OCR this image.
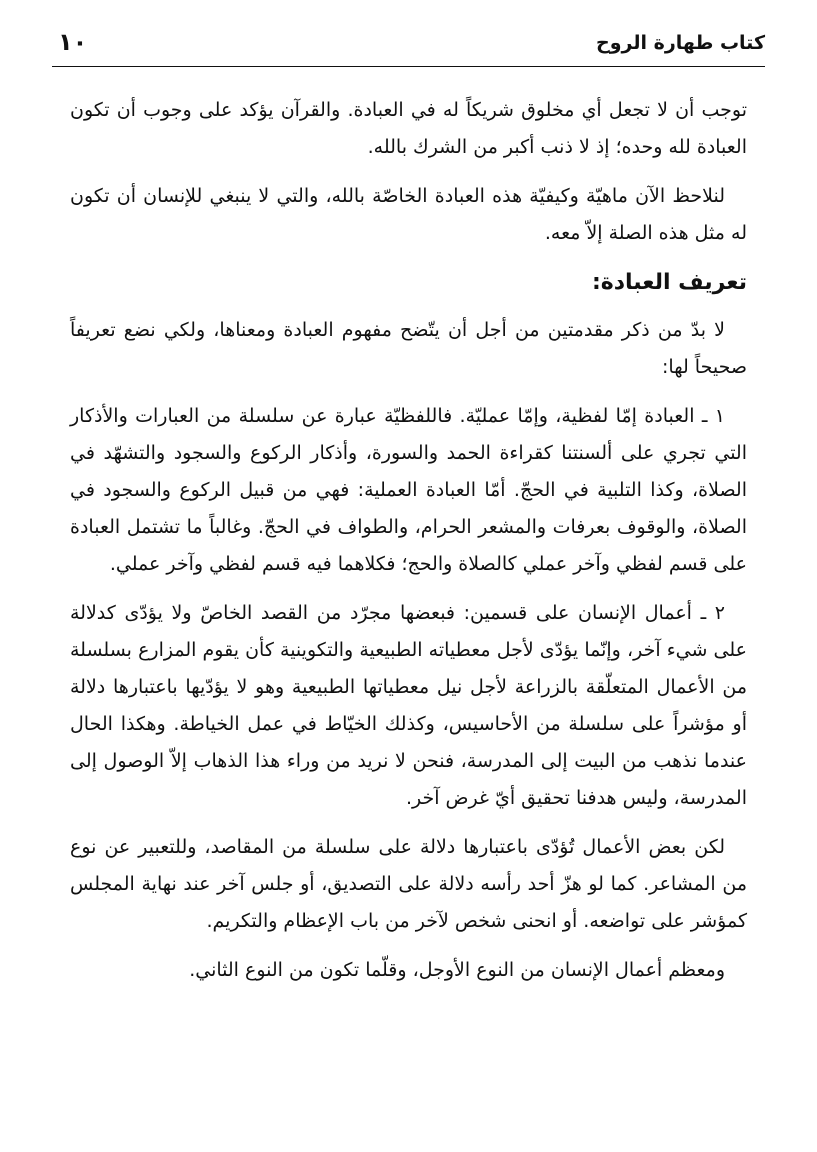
كتاب طهارة الروح
١٠

توجب أن لا تجعل أي مخلوق شريكاً له في العبادة. والقرآن يؤكد على وجوب أن تكون العبادة لله وحده؛ إذ لا ذنب أكبر من الشرك بالله.

لنلاحظ الآن ماهيّة وكيفيّة هذه العبادة الخاصّة بالله، والتي لا ينبغي للإنسان أن تكون له مثل هذه الصلة إلاّ معه.

تعريف العبادة:

لا بدّ من ذكر مقدمتين من أجل أن يتّضح مفهوم العبادة ومعناها، ولكي نضع تعريفاً صحيحاً لها:

١ ـ العبادة إمّا لفظية، وإمّا عمليّة. فاللفظيّة عبارة عن سلسلة من العبارات والأذكار التي تجري على ألسنتنا كقراءة الحمد والسورة، وأذكار الركوع والسجود والتشهّد في الصلاة، وكذا التلبية في الحجّ. أمّا العبادة العملية: فهي من قبيل الركوع والسجود في الصلاة، والوقوف بعرفات والمشعر الحرام، والطواف في الحجّ. وغالباً ما تشتمل العبادة على قسم لفظي وآخر عملي كالصلاة والحج؛ فكلاهما فيه قسم لفظي وآخر عملي.

٢ ـ أعمال الإنسان على قسمين: فبعضها مجرّد من القصد الخاصّ ولا يؤدّى كدلالة على شيء آخر، وإنّما يؤدّى لأجل معطياته الطبيعية والتكوينية كأن يقوم المزارع بسلسلة من الأعمال المتعلّقة بالزراعة لأجل نيل معطياتها الطبيعية وهو لا يؤدّيها باعتبارها دلالة أو مؤشراً على سلسلة من الأحاسيس، وكذلك الخيّاط في عمل الخياطة. وهكذا الحال عندما نذهب من البيت إلى المدرسة، فنحن لا نريد من وراء هذا الذهاب إلاّ الوصول إلى المدرسة، وليس هدفنا تحقيق أيّ غرض آخر.

لكن بعض الأعمال تُؤدّى باعتبارها دلالة على سلسلة من المقاصد، وللتعبير عن نوع من المشاعر. كما لو هزّ أحد رأسه دلالة على التصديق، أو جلس آخر عند نهاية المجلس كمؤشر على تواضعه. أو انحنى شخص لآخر من باب الإعظام والتكريم.

ومعظم أعمال الإنسان من النوع الأوجل، وقلّما تكون من النوع الثاني.
